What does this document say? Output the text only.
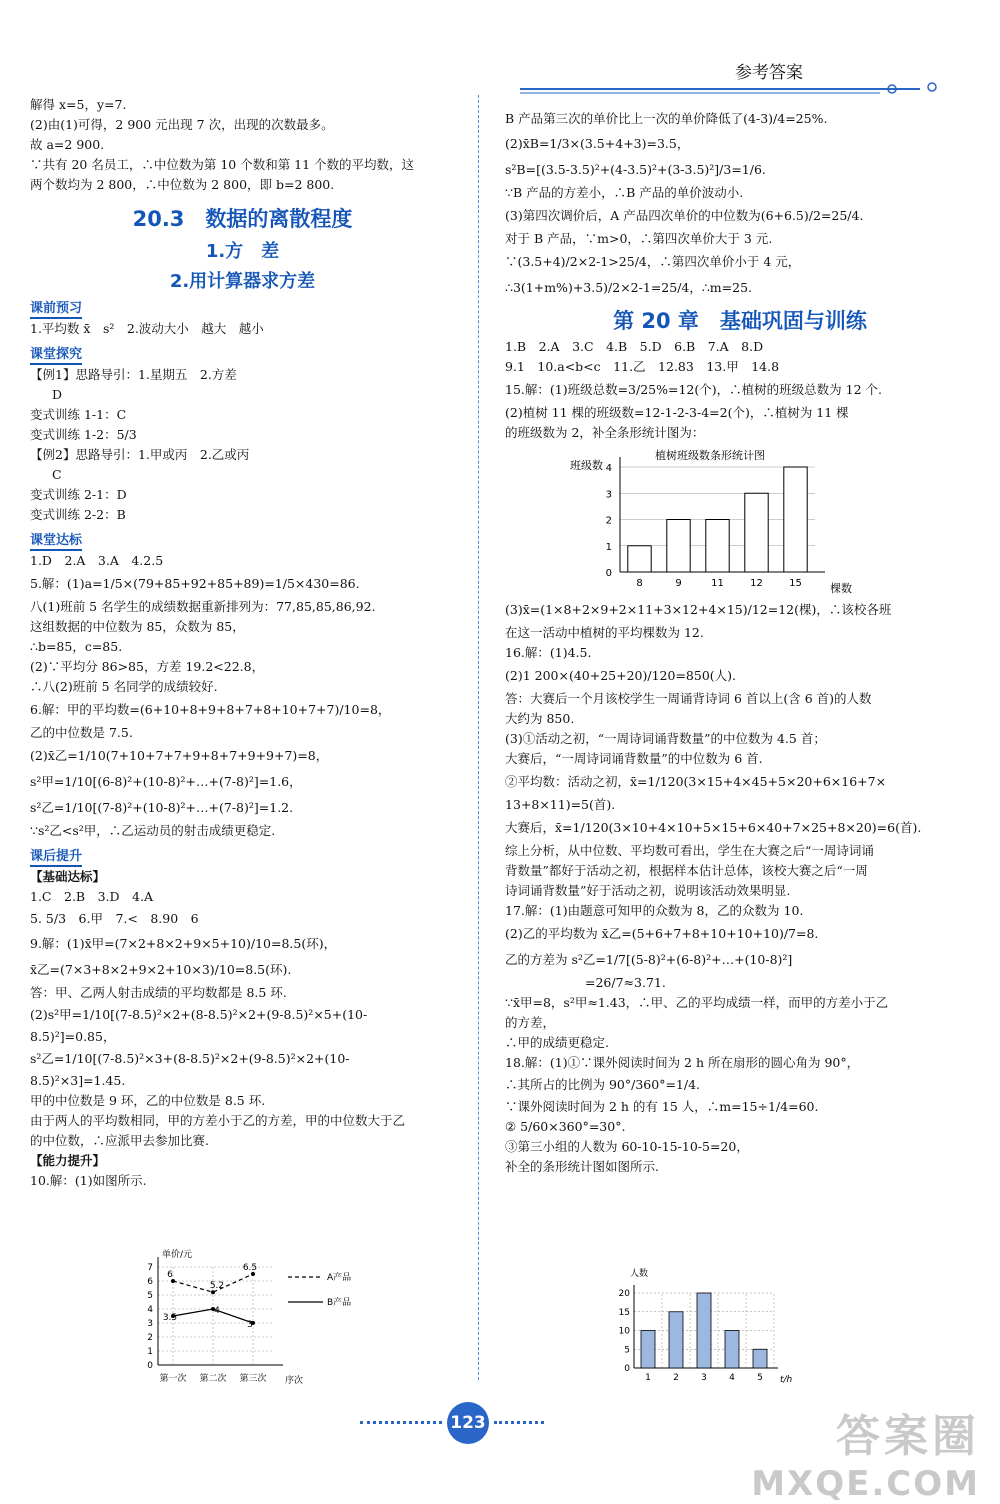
参考答案
解得 x=5，y=7.
(2)由(1)可得，2 900 元出现 7 次，出现的次数最多。
故 a=2 900.
∵共有 20 名员工，∴中位数为第 10 个数和第 11 个数的平均数，这
两个数均为 2 800，∴中位数为 2 800，即 b=2 800.
20.3　数据的离散程度
1.方　差
2.用计算器求方差
课前预习
1.平均数 x̄　s²　2.波动大小　越大　越小
课堂探究
【例1】思路导引：1.星期五　2.方差
D
变式训练 1-1：C
变式训练 1-2：5/3
【例2】思路导引：1.甲或丙　2.乙或丙
C
变式训练 2-1：D
变式训练 2-2：B
课堂达标
1.D　2.A　3.A　4.2.5
5.解：(1)a=1/5×(79+85+92+85+89)=1/5×430=86.
八(1)班前 5 名学生的成绩数据重新排列为：77,85,85,86,92.
这组数据的中位数为 85，众数为 85，
∴b=85，c=85.
(2)∵平均分 86>85，方差 19.2<22.8，
∴八(2)班前 5 名同学的成绩较好.
6.解：甲的平均数=(6+10+8+9+8+7+8+10+7+7)/10=8，
乙的中位数是 7.5.
(2)x̄乙=1/10(7+10+7+7+9+8+7+9+9+7)=8，
s²甲=1/10[(6-8)²+(10-8)²+…+(7-8)²]=1.6，
s²乙=1/10[(7-8)²+(10-8)²+…+(7-8)²]=1.2.
∵s²乙<s²甲，∴乙运动员的射击成绩更稳定.
课后提升
【基础达标】
1.C　2.B　3.D　4.A
5. 5/3　6.甲　7.<　8.90　6
9.解：(1)x̄甲=(7×2+8×2+9×5+10)/10=8.5(环)，
x̄乙=(7×3+8×2+9×2+10×3)/10=8.5(环).
答：甲、乙两人射击成绩的平均数都是 8.5 环.
(2)s²甲=1/10[(7-8.5)²×2+(8-8.5)²×2+(9-8.5)²×5+(10-
8.5)²]=0.85，
s²乙=1/10[(7-8.5)²×3+(8-8.5)²×2+(9-8.5)²×2+(10-
8.5)²×3]=1.45.
甲的中位数是 9 环，乙的中位数是 8.5 环.
由于两人的平均数相同，甲的方差小于乙的方差，甲的中位数大于乙
的中位数，∴应派甲去参加比赛.
【能力提升】
10.解：(1)如图所示.
单价/元
序次
0
1
2
3
4
5
6
7
第一次 第二次 第三次
6
5.2
6.5
A产品
3.5
4
3
B产品
B 产品第三次的单价比上一次的单价降低了(4-3)/4=25%.
(2)x̄B=1/3×(3.5+4+3)=3.5，
s²B=[(3.5-3.5)²+(4-3.5)²+(3-3.5)²]/3=1/6.
∵B 产品的方差小，∴B 产品的单价波动小.
(3)第四次调价后，A 产品四次单价的中位数为(6+6.5)/2=25/4.
对于 B 产品，∵m>0，∴第四次单价大于 3 元.
∵(3.5+4)/2×2-1>25/4，∴第四次单价小于 4 元，
∴3(1+m%)+3.5)/2×2-1=25/4，∴m=25.
第 20 章　基础巩固与训练
1.B　2.A　3.C　4.B　5.D　6.B　7.A　8.D
9.1　10.a<b<c　11.乙　12.83　13.甲　14.8
15.解：(1)班级总数=3/25%=12(个)，∴植树的班级总数为 12 个.
(2)植树 11 棵的班级数=12-1-2-3-4=2(个)，∴植树为 11 棵
的班级数为 2，补全条形统计图为：
植树班级数条形统计图
班级数
棵数
0
1
2
3
4
8	9	11	12	15
(3)x̄=(1×8+2×9+2×11+3×12+4×15)/12=12(棵)，∴该校各班
在这一活动中植树的平均棵数为 12.
16.解：(1)4.5.
(2)1 200×(40+25+20)/120=850(人).
答：大赛后一个月该校学生一周诵背诗词 6 首以上(含 6 首)的人数
大约为 850.
(3)①活动之初，“一周诗词诵背数量”的中位数为 4.5 首；
大赛后，“一周诗词诵背数量”的中位数为 6 首.
②平均数：活动之初，x̄=1/120(3×15+4×45+5×20+6×16+7×
13+8×11)=5(首).
大赛后，x̄=1/120(3×10+4×10+5×15+6×40+7×25+8×20)=6(首).
综上分析，从中位数、平均数可看出，学生在大赛之后“一周诗词诵
背数量”都好于活动之初，根据样本估计总体，该校大赛之后“一周
诗词诵背数量”好于活动之初，说明该活动效果明显.
17.解：(1)由题意可知甲的众数为 8，乙的众数为 10.
(2)乙的平均数为 x̄乙=(5+6+7+8+10+10+10)/7=8.
乙的方差为 s²乙=1/7[(5-8)²+(6-8)²+…+(10-8)²]
=26/7≈3.71.
∵x̄甲=8，s²甲≈1.43，∴甲、乙的平均成绩一样，而甲的方差小于乙
的方差，
∴甲的成绩更稳定.
18.解：(1)①∵课外阅读时间为 2 h 所在扇形的圆心角为 90°，
∴其所占的比例为 90°/360°=1/4.
∵课外阅读时间为 2 h 的有 15 人，∴m=15÷1/4=60.
② 5/60×360°=30°.
③第三小组的人数为 60-10-15-10-5=20，
补全的条形统计图如图所示.
人数
t/h
0
5
10
15
20
1 2 3 4 5
123	答案圈
MXQE.COM
